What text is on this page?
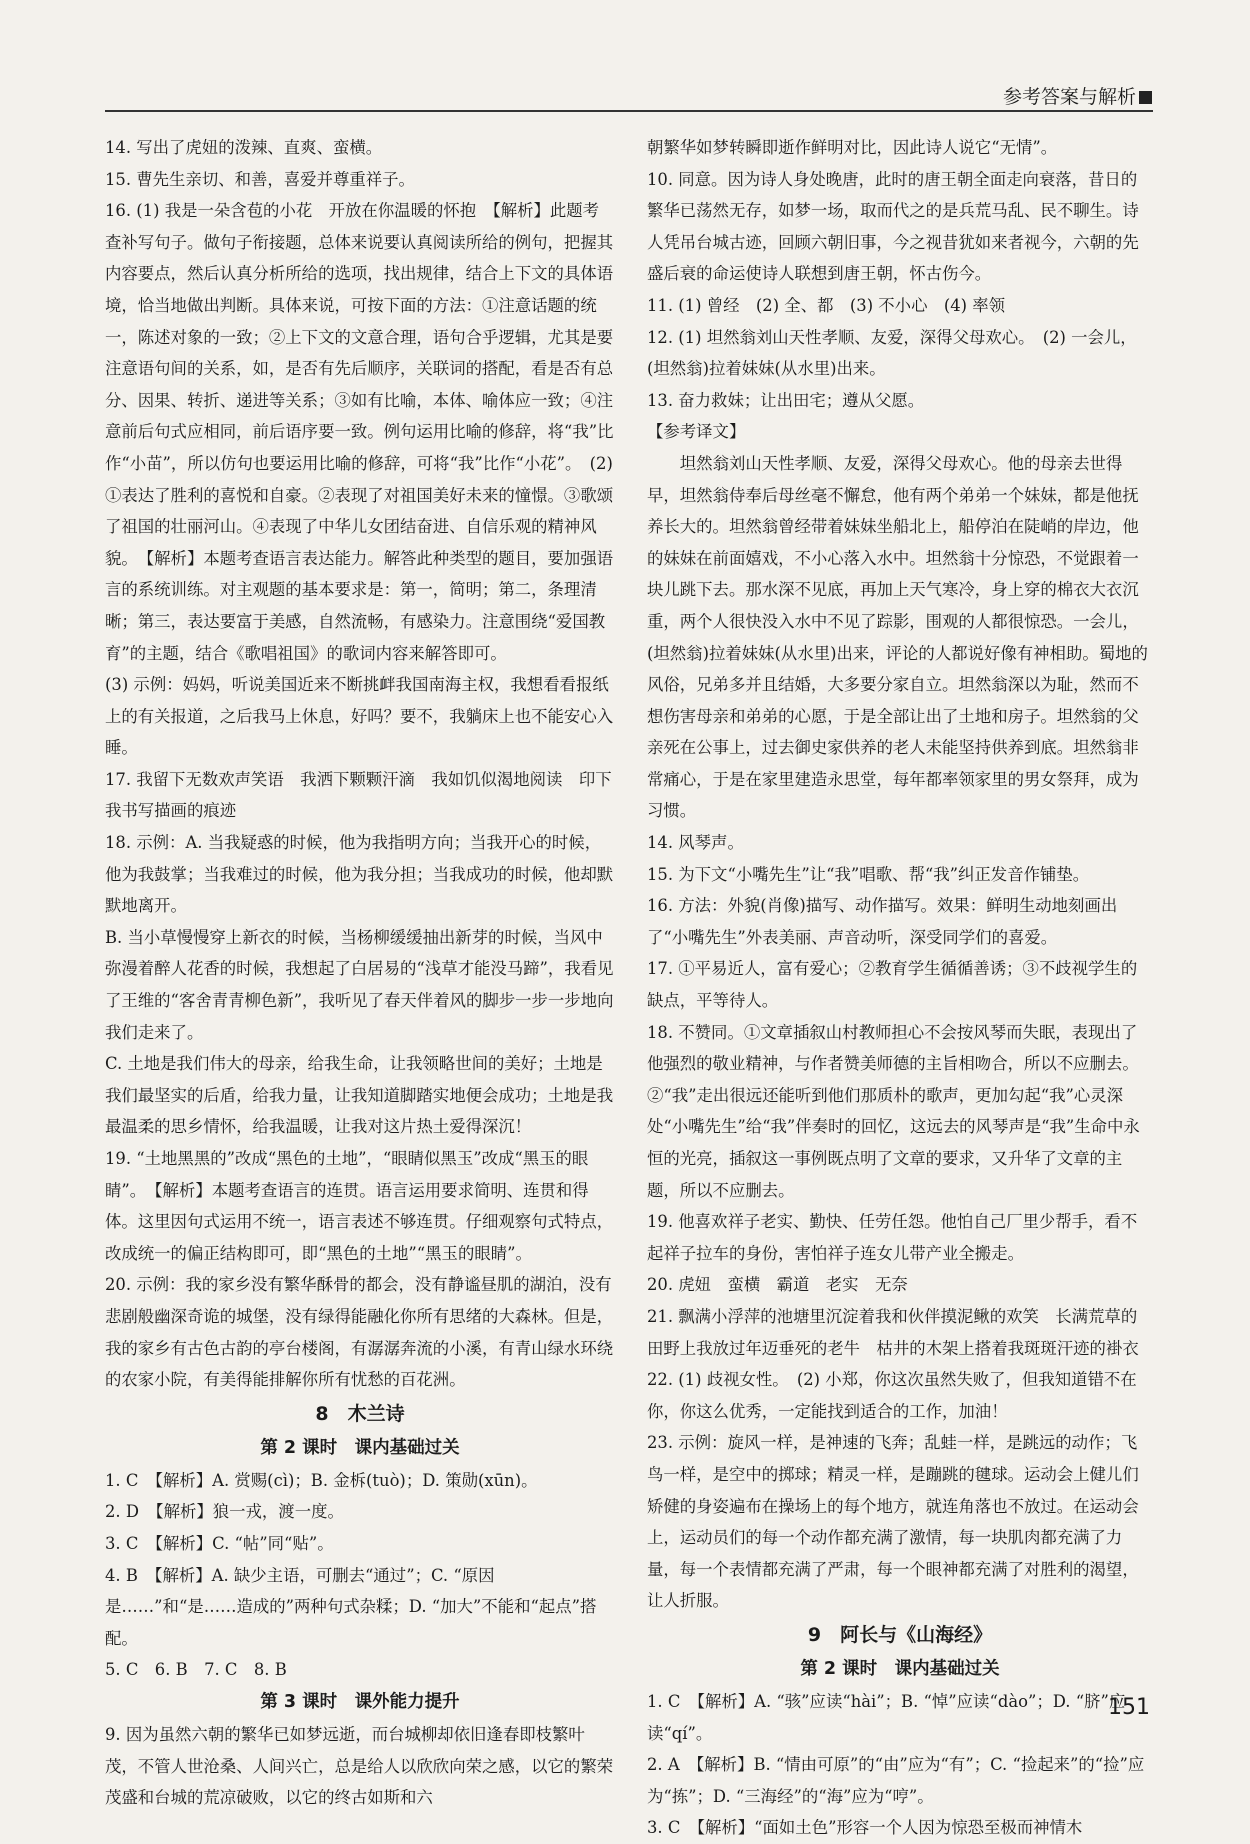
参考答案与解析

14. 写出了虎妞的泼辣、直爽、蛮横。

15. 曹先生亲切、和善，喜爱并尊重祥子。

16. (1) 我是一朵含苞的小花　开放在你温暖的怀抱　【解析】此题考查补写句子。做句子衔接题，总体来说要认真阅读所给的例句，把握其内容要点，然后认真分析所给的选项，找出规律，结合上下文的具体语境，恰当地做出判断。具体来说，可按下面的方法：①注意话题的统一，陈述对象的一致；②上下文的文意合理，语句合乎逻辑，尤其是要注意语句间的关系，如，是否有先后顺序，关联词的搭配，看是否有总分、因果、转折、递进等关系；③如有比喻，本体、喻体应一致；④注意前后句式应相同，前后语序要一致。例句运用比喻的修辞，将“我”比作“小苗”，所以仿句也要运用比喻的修辞，可将“我”比作“小花”。　(2) ①表达了胜利的喜悦和自豪。②表现了对祖国美好未来的憧憬。③歌颂了祖国的壮丽河山。④表现了中华儿女团结奋进、自信乐观的精神风貌。　【解析】本题考查语言表达能力。解答此种类型的题目，要加强语言的系统训练。对主观题的基本要求是：第一，简明；第二，条理清晰；第三，表达要富于美感，自然流畅，有感染力。注意围绕“爱国教育”的主题，结合《歌唱祖国》的歌词内容来解答即可。

(3) 示例：妈妈，听说美国近来不断挑衅我国南海主权，我想看看报纸上的有关报道，之后我马上休息，好吗？要不，我躺床上也不能安心入睡。

17. 我留下无数欢声笑语　我洒下颗颗汗滴　我如饥似渴地阅读　印下我书写描画的痕迹

18. 示例：A. 当我疑惑的时候，他为我指明方向；当我开心的时候，他为我鼓掌；当我难过的时候，他为我分担；当我成功的时候，他却默默地离开。

B. 当小草慢慢穿上新衣的时候，当杨柳缓缓抽出新芽的时候，当风中弥漫着醉人花香的时候，我想起了白居易的“浅草才能没马蹄”，我看见了王维的“客舍青青柳色新”，我听见了春天伴着风的脚步一步一步地向我们走来了。

C. 土地是我们伟大的母亲，给我生命，让我领略世间的美好；土地是我们最坚实的后盾，给我力量，让我知道脚踏实地便会成功；土地是我最温柔的思乡情怀，给我温暖，让我对这片热土爱得深沉！

19. “土地黑黑的”改成“黑色的土地”，“眼睛似黑玉”改成“黑玉的眼睛”。　【解析】本题考查语言的连贯。语言运用要求简明、连贯和得体。这里因句式运用不统一，语言表述不够连贯。仔细观察句式特点，改成统一的偏正结构即可，即“黑色的土地”“黑玉的眼睛”。

20. 示例：我的家乡没有繁华酥骨的都会，没有静谧昼肌的湖泊，没有悲剧般幽深奇诡的城堡，没有绿得能融化你所有思绪的大森林。但是，我的家乡有古色古韵的亭台楼阁，有潺潺奔流的小溪，有青山绿水环绕的农家小院，有美得能排解你所有忧愁的百花洲。

8　木兰诗

第 2 课时　课内基础过关

1. C　【解析】A. 赏赐(cì)；B. 金柝(tuò)；D. 策勋(xūn)。

2. D　【解析】狼一戎，渡一度。

3. C　【解析】C. “帖”同“贴”。

4. B　【解析】A. 缺少主语，可删去“通过”；C. “原因是……”和“是……造成的”两种句式杂糅；D. “加大”不能和“起点”搭配。

5. C　6. B　7. C　8. B

第 3 课时　课外能力提升

9. 因为虽然六朝的繁华已如梦远逝，而台城柳却依旧逢春即枝繁叶茂，不管人世沧桑、人间兴亡，总是给人以欣欣向荣之感，以它的繁荣茂盛和台城的荒凉破败，以它的终古如斯和六

朝繁华如梦转瞬即逝作鲜明对比，因此诗人说它“无情”。

10. 同意。因为诗人身处晚唐，此时的唐王朝全面走向衰落，昔日的繁华已荡然无存，如梦一场，取而代之的是兵荒马乱、民不聊生。诗人凭吊台城古迹，回顾六朝旧事，今之视昔犹如来者视今，六朝的先盛后衰的命运使诗人联想到唐王朝，怀古伤今。

11. (1) 曾经　(2) 全、都　(3) 不小心　(4) 率领

12. (1) 坦然翁刘山天性孝顺、友爱，深得父母欢心。　(2) 一会儿，(坦然翁)拉着妹妹(从水里)出来。

13. 奋力救妹；让出田宅；遵从父愿。

【参考译文】

坦然翁刘山天性孝顺、友爱，深得父母欢心。他的母亲去世得早，坦然翁侍奉后母丝毫不懈怠，他有两个弟弟一个妹妹，都是他抚养长大的。坦然翁曾经带着妹妹坐船北上，船停泊在陡峭的岸边，他的妹妹在前面嬉戏，不小心落入水中。坦然翁十分惊恐，不觉跟着一块儿跳下去。那水深不见底，再加上天气寒冷，身上穿的棉衣大衣沉重，两个人很快没入水中不见了踪影，围观的人都很惊恐。一会儿，(坦然翁)拉着妹妹(从水里)出来，评论的人都说好像有神相助。蜀地的风俗，兄弟多并且结婚，大多要分家自立。坦然翁深以为耻，然而不想伤害母亲和弟弟的心愿，于是全部让出了土地和房子。坦然翁的父亲死在公事上，过去御史家供养的老人未能坚持供养到底。坦然翁非常痛心，于是在家里建造永思堂，每年都率领家里的男女祭拜，成为习惯。

14. 风琴声。

15. 为下文“小嘴先生”让“我”唱歌、帮“我”纠正发音作铺垫。

16. 方法：外貌(肖像)描写、动作描写。效果：鲜明生动地刻画出了“小嘴先生”外表美丽、声音动听，深受同学们的喜爱。

17. ①平易近人，富有爱心；②教育学生循循善诱；③不歧视学生的缺点，平等待人。

18. 不赞同。①文章插叙山村教师担心不会按风琴而失眠，表现出了他强烈的敬业精神，与作者赞美师德的主旨相吻合，所以不应删去。②“我”走出很远还能听到他们那质朴的歌声，更加勾起“我”心灵深处“小嘴先生”给“我”伴奏时的回忆，这远去的风琴声是“我”生命中永恒的光亮，插叙这一事例既点明了文章的要求，又升华了文章的主题，所以不应删去。

19. 他喜欢祥子老实、勤快、任劳任怨。他怕自己厂里少帮手，看不起祥子拉车的身份，害怕祥子连女儿带产业全搬走。

20. 虎妞　蛮横　霸道　老实　无奈

21. 飘满小浮萍的池塘里沉淀着我和伙伴摸泥鳅的欢笑　长满荒草的田野上我放过年迈垂死的老牛　枯井的木架上搭着我斑斑汗迹的褂衣

22. (1) 歧视女性。　(2) 小郑，你这次虽然失败了，但我知道错不在你，你这么优秀，一定能找到适合的工作，加油！

23. 示例：旋风一样，是神速的飞奔；乱蛙一样，是跳远的动作；飞鸟一样，是空中的掷球；精灵一样，是蹦跳的毽球。运动会上健儿们矫健的身姿遍布在操场上的每个地方，就连角落也不放过。在运动会上，运动员们的每一个动作都充满了激情，每一块肌肉都充满了力量，每一个表情都充满了严肃，每一个眼神都充满了对胜利的渴望，让人折服。

9　阿长与《山海经》

第 2 课时　课内基础过关

1. C　【解析】A. “骇”应读“hài”；B. “悼”应读“dào”；D. “脐”应读“qí”。

2. A　【解析】B. “情由可原”的“由”应为“有”；C. “捡起来”的“捡”应为“拣”；D. “三海经”的“海”应为“哼”。

3. C　【解析】“面如土色”形容一个人因为惊恐至极而神情木

151
